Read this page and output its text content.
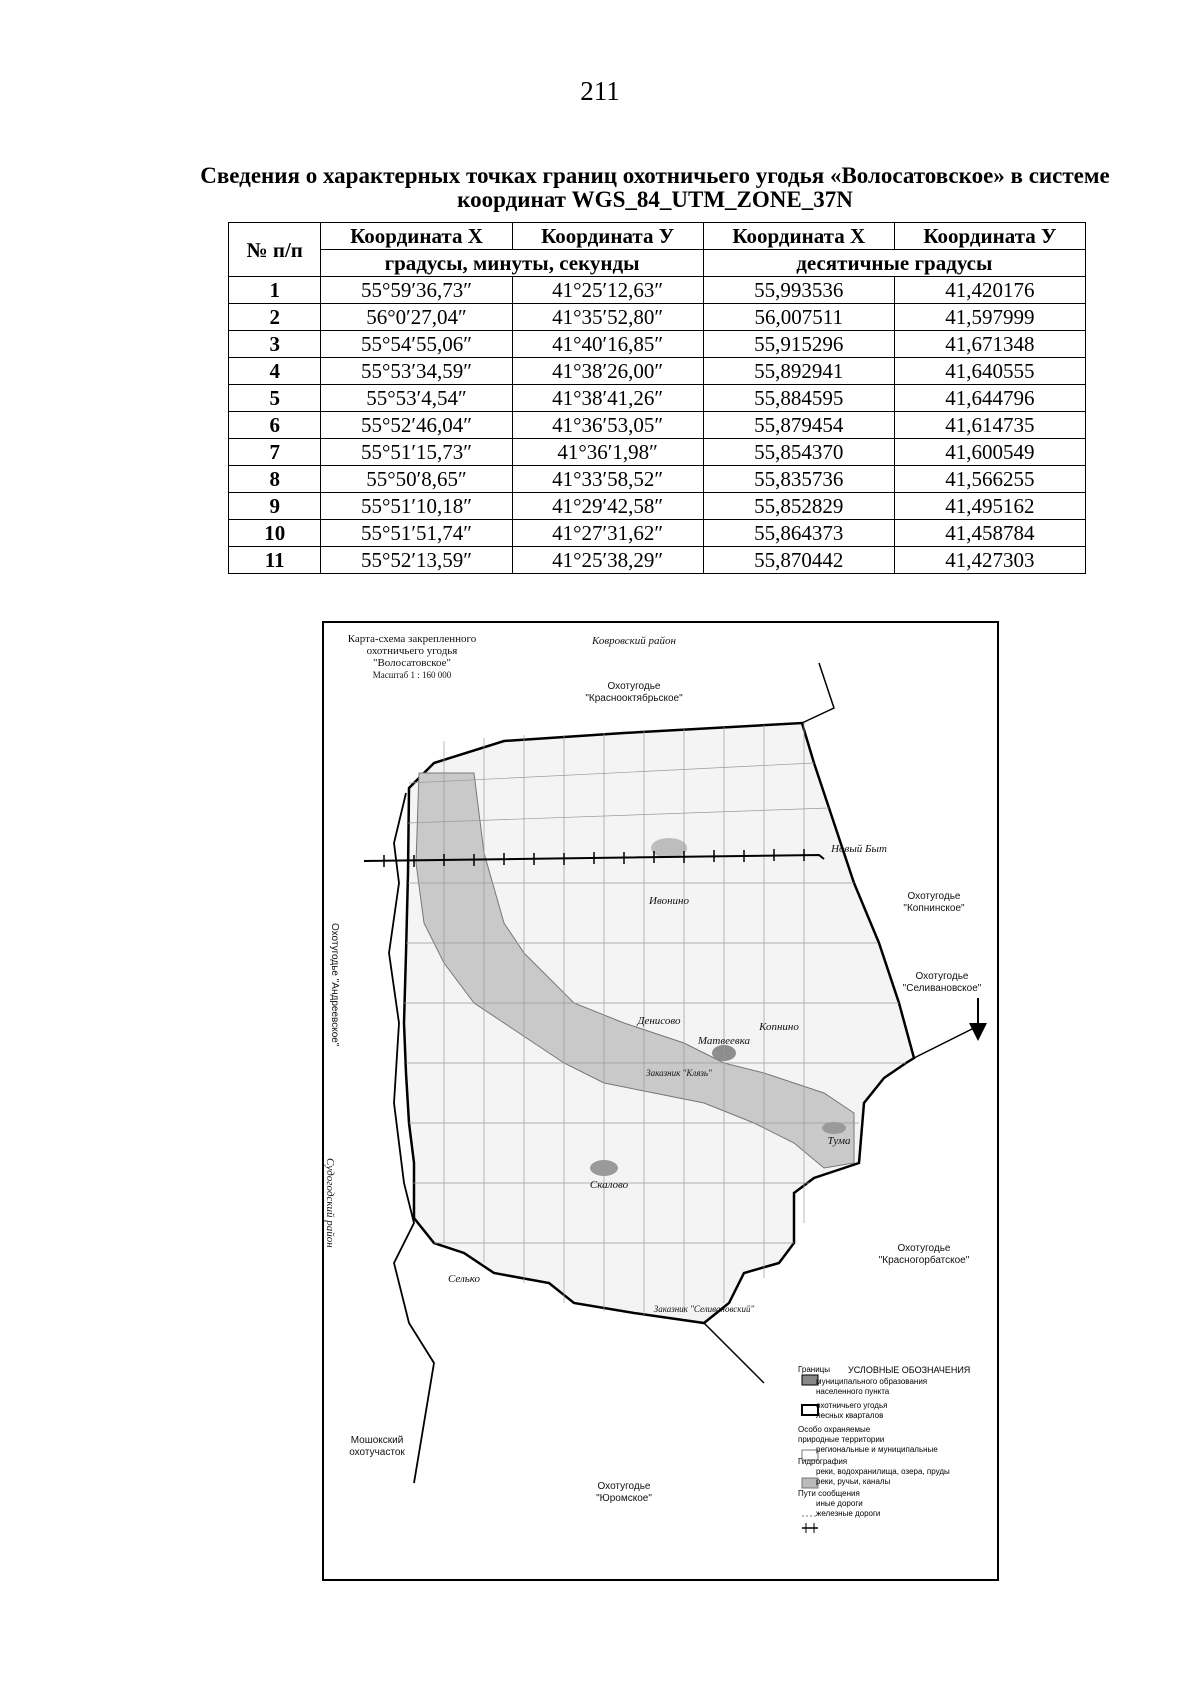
211
Сведения о характерных точках границ охотничьего угодья «Волосатовское» в системе
координат WGS_84_UTM_ZONE_37N
№ п/п	Координата X	Координата У	Координата X	Координата У
	градусы, минуты, секунды		десятичные градусы	
1	55°59′36,73″	41°25′12,63″	55,993536	41,420176
2	56°0′27,04″	41°35′52,80″	56,007511	41,597999
3	55°54′55,06″	41°40′16,85″	55,915296	41,671348
4	55°53′34,59″	41°38′26,00″	55,892941	41,640555
5	55°53′4,54″	41°38′41,26″	55,884595	41,644796
6	55°52′46,04″	41°36′53,05″	55,879454	41,614735
7	55°51′15,73″	41°36′1,98″	55,854370	41,600549
8	55°50′8,65″	41°33′58,52″	55,835736	41,566255
9	55°51′10,18″	41°29′42,58″	55,852829	41,495162
10	55°51′51,74″	41°27′31,62″	55,864373	41,458784
11	55°52′13,59″	41°25′38,29″	55,870442	41,427303
Карта-схема закрепленного
охотничьего угодья
"Волосатовское"
Масштаб 1 : 160 000
Ковровский район
Охотугодье
"Краснооктябрьское"
Охотугодье
"Копнинское"
Охотугодье
"Селивановское"
Охотугодье "Андреевское"
Судогодский район
Охотугодье
"Красногорбатское"
Мошокский
охотучасток
Охотугодье
"Юромское"
Новый Быт
Ивонино
Денисово	Копнино
Матвеевка
Скалово
Селько
Тума
Заказник "Клязь"
Заказник "Селивановский"
Границы	УСЛОВНЫЕ ОБОЗНАЧЕНИЯ
муниципального образования
населенного пункта
охотничьего угодья
лесных кварталов
Особо охраняемые
природные территории
региональные и муниципальные
Гидрография
реки, водохранилища, озера, пруды
реки, ручьи, каналы
Пути сообщения
иные дороги
железные дороги
